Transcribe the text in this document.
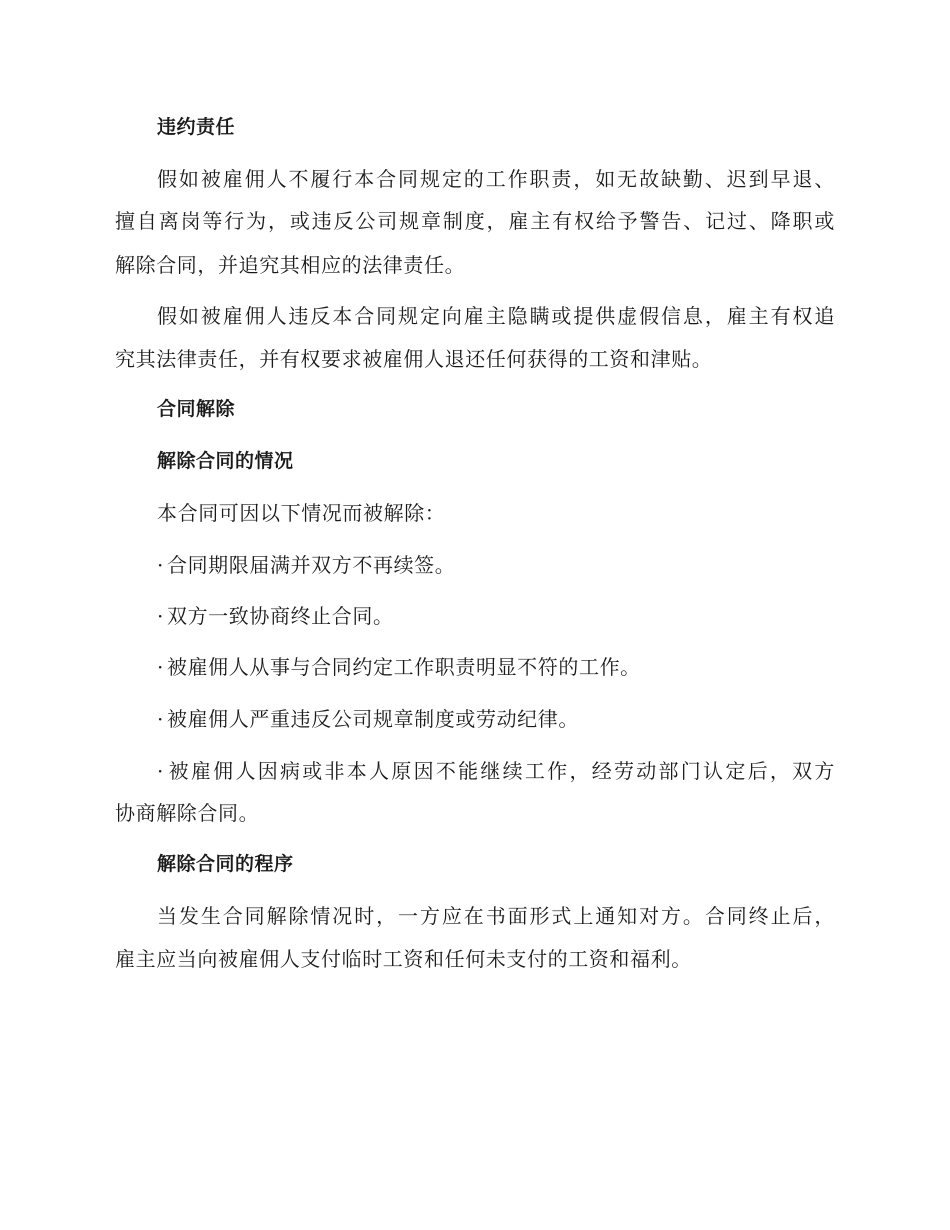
违约责任
假如被雇佣人不履行本合同规定的工作职责，如无故缺勤、迟到早退、
擅自离岗等行为，或违反公司规章制度，雇主有权给予警告、记过、降职或
解除合同，并追究其相应的法律责任。
假如被雇佣人违反本合同规定向雇主隐瞒或提供虚假信息，雇主有权追
究其法律责任，并有权要求被雇佣人退还任何获得的工资和津贴。
合同解除
解除合同的情况
本合同可因以下情况而被解除：
· 合同期限届满并双方不再续签。
· 双方一致协商终止合同。
· 被雇佣人从事与合同约定工作职责明显不符的工作。
· 被雇佣人严重违反公司规章制度或劳动纪律。
· 被雇佣人因病或非本人原因不能继续工作，经劳动部门认定后，双方
协商解除合同。
解除合同的程序
当发生合同解除情况时，一方应在书面形式上通知对方。合同终止后，
雇主应当向被雇佣人支付临时工资和任何未支付的工资和福利。
